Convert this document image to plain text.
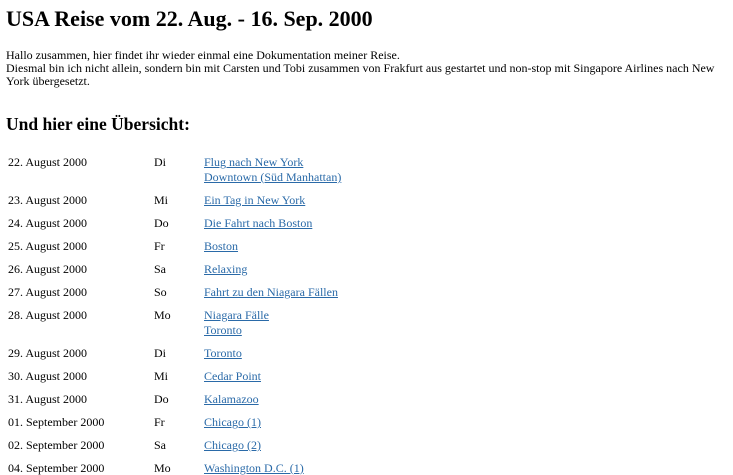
USA Reise vom 22. Aug. - 16. Sep. 2000

Hallo zusammen, hier findet ihr wieder einmal eine Dokumentation meiner Reise.

Diesmal bin ich nicht allein, sondern bin mit Carsten und Tobi zusammen von Frakfurt aus gestartet und non-stop mit Singapore Airlines nach New York übergesetzt.

Und hier eine Übersicht:
22. August 2000	Di	Flug nach New York
Downtown (Süd Manhattan)
23. August 2000	Mi	Ein Tag in New York
24. August 2000	Do	Die Fahrt nach Boston
25. August 2000	Fr	Boston
26. August 2000	Sa	Relaxing
27. August 2000	So	Fahrt zu den Niagara Fällen
28. August 2000	Mo	Niagara Fälle
Toronto
29. August 2000	Di	Toronto
30. August 2000	Mi	Cedar Point
31. August 2000	Do	Kalamazoo
01. September 2000	Fr	Chicago (1)
02. September 2000	Sa	Chicago (2)
04. September 2000	Mo	Washington D.C. (1)
